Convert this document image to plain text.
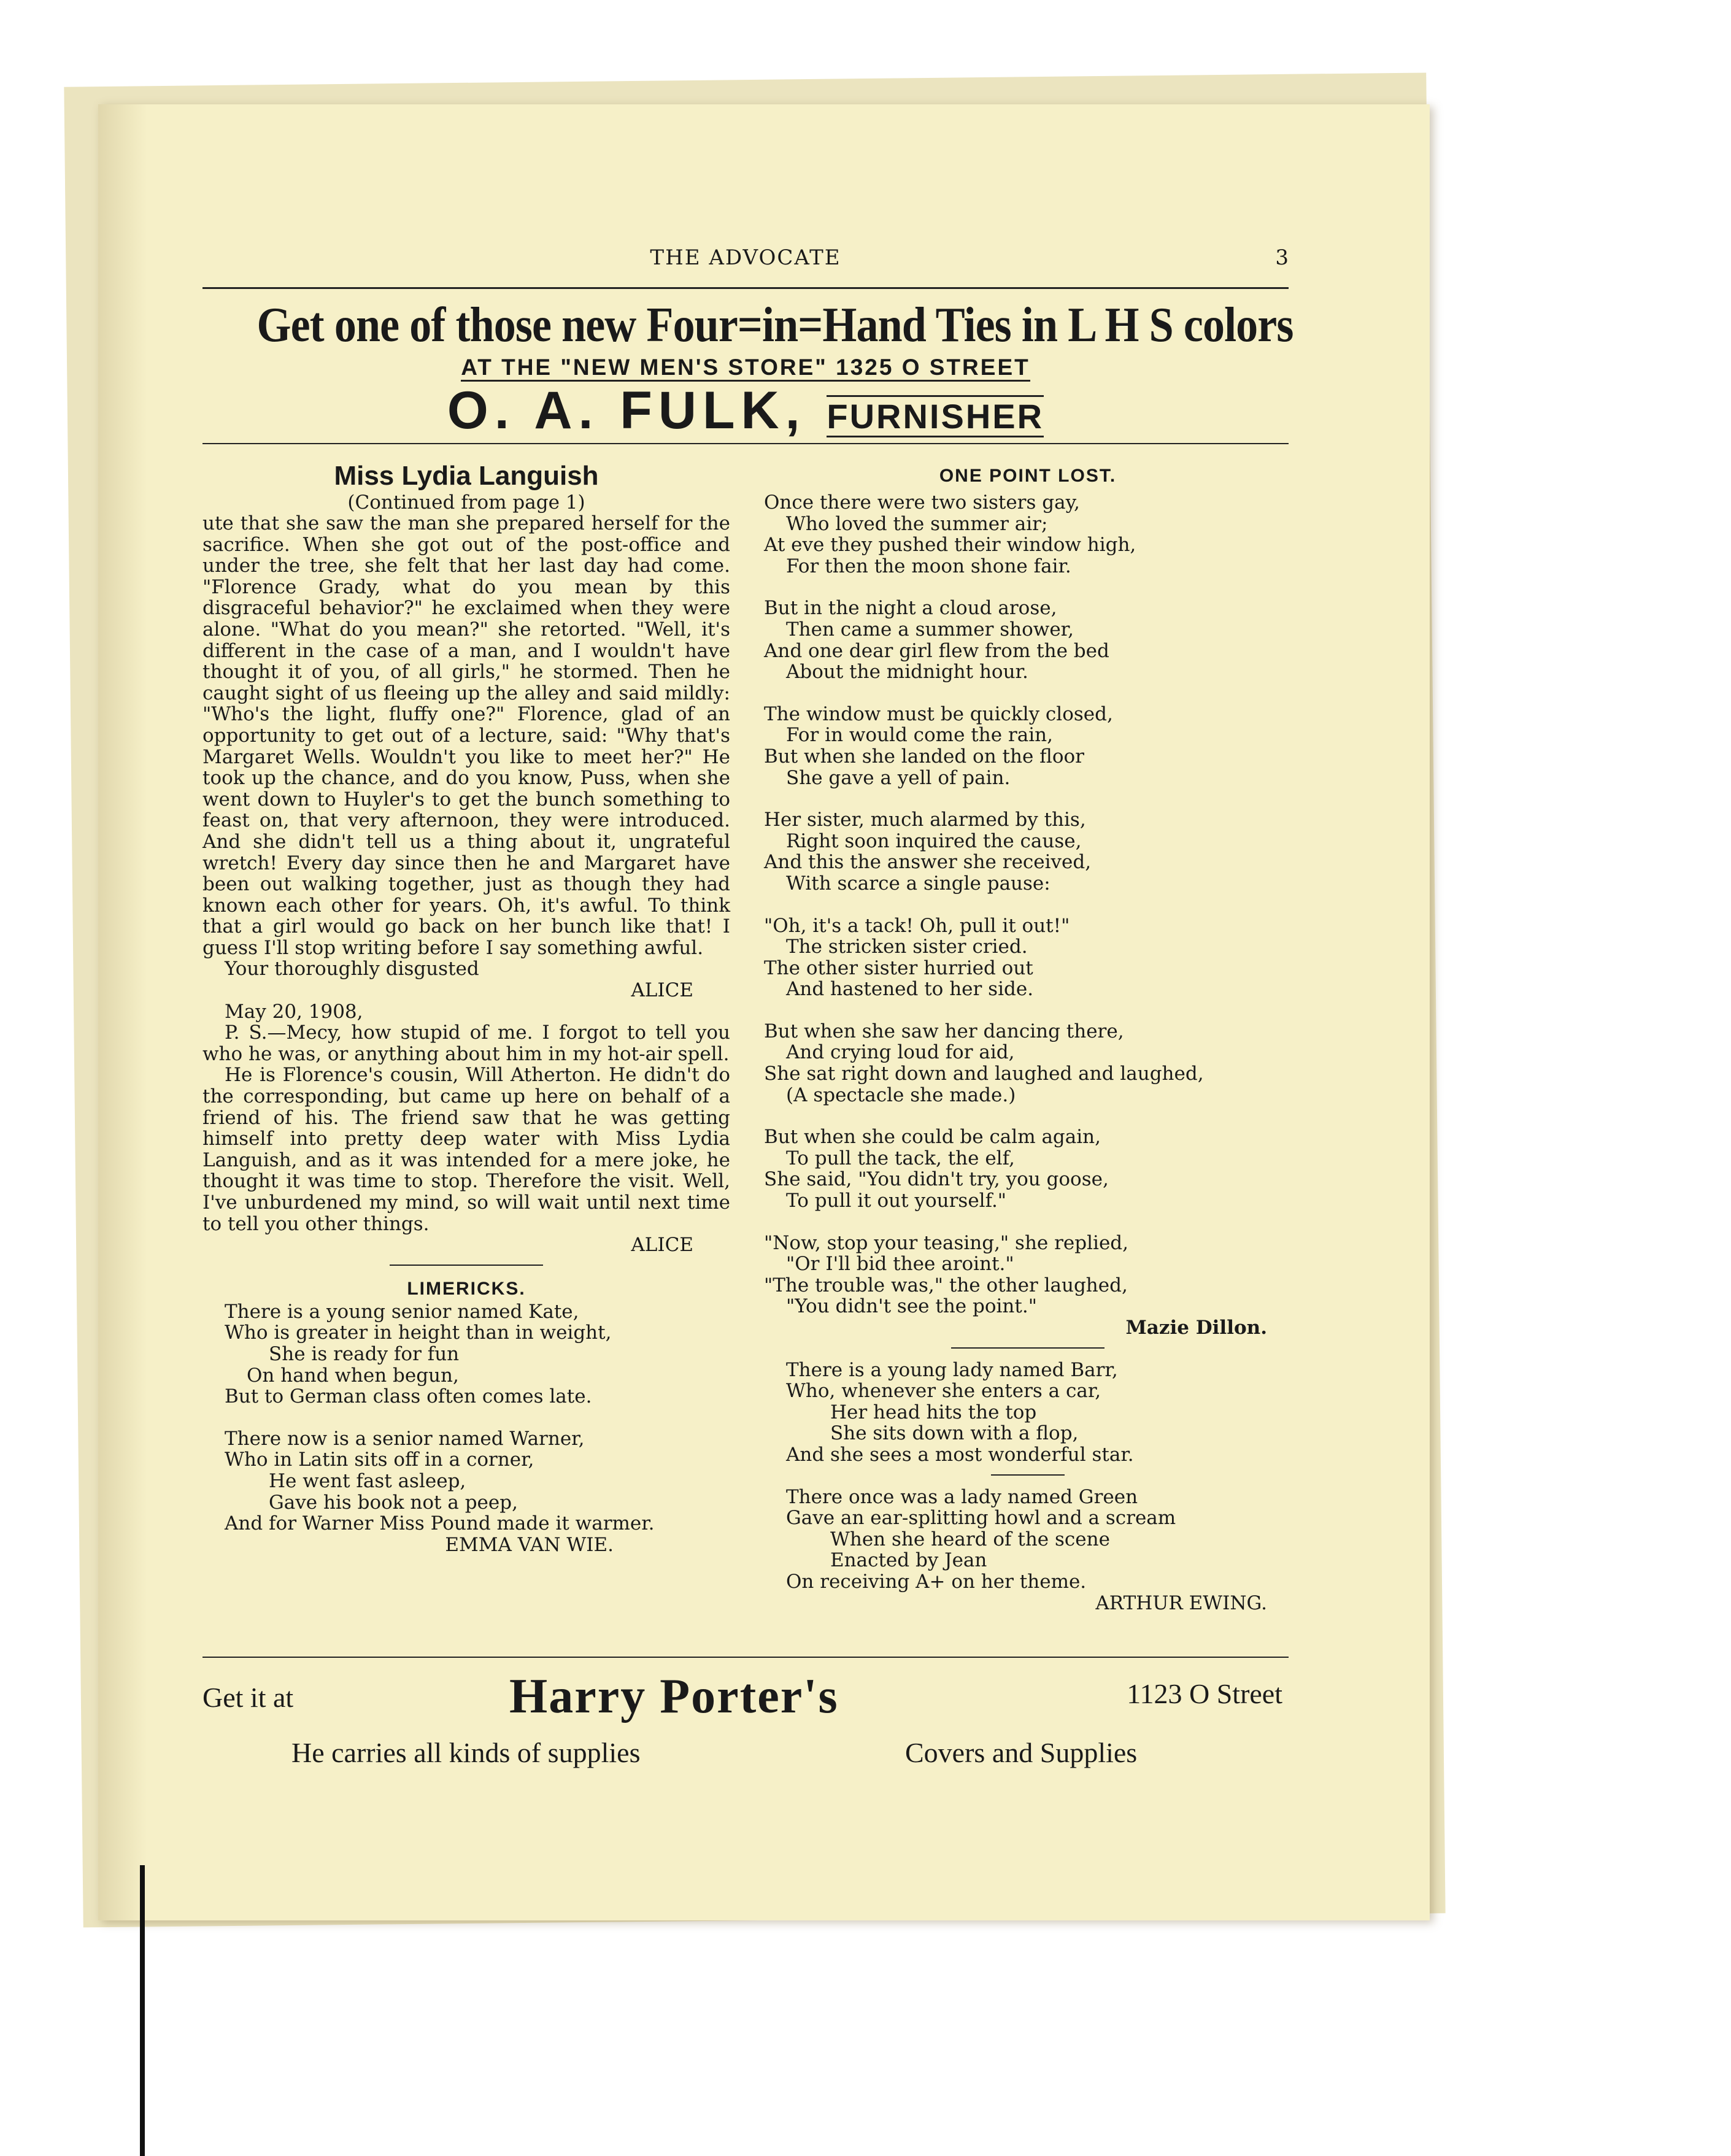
THE ADVOCATE	3
Get one of those new Four=in=Hand Ties in L H S colors
AT THE "NEW MEN'S STORE" 1325 O STREET
O. A. FULK, FURNISHER
Miss Lydia Languish
(Continued from page 1)

ute that she saw the man she prepared herself for the sacrifice. When she got out of the post-office and under the tree, she felt that her last day had come. "Florence Grady, what do you mean by this disgraceful behavior?" he exclaimed when they were alone. "What do you mean?" she retorted. "Well, it's different in the case of a man, and I wouldn't have thought it of you, of all girls," he stormed. Then he caught sight of us fleeing up the alley and said mildly: "Who's the light, fluffy one?" Florence, glad of an opportunity to get out of a lecture, said: "Why that's Margaret Wells. Wouldn't you like to meet her?" He took up the chance, and do you know, Puss, when she went down to Huyler's to get the bunch something to feast on, that very afternoon, they were introduced. And she didn't tell us a thing about it, ungrateful wretch! Every day since then he and Margaret have been out walking together, just as though they had known each other for years. Oh, it's awful. To think that a girl would go back on her bunch like that! I guess I'll stop writing before I say something awful.

Your thoroughly disgusted

ALICE

May 20, 1908,

P. S.—Mecy, how stupid of me. I forgot to tell you who he was, or anything about him in my hot-air spell.

He is Florence's cousin, Will Atherton. He didn't do the corresponding, but came up here on behalf of a friend of his. The friend saw that he was getting himself into pretty deep water with Miss Lydia Languish, and as it was intended for a mere joke, he thought it was time to stop. Therefore the visit. Well, I've unburdened my mind, so will wait until next time to tell you other things.

ALICE
LIMERICKS.
There is a young senior named Kate,
Who is greater in height than in weight,
She is ready for fun
On hand when begun,
But to German class often comes late.
There now is a senior named Warner,
Who in Latin sits off in a corner,
He went fast asleep,
Gave his book not a peep,
And for Warner Miss Pound made it warmer.
EMMA VAN WIE.
ONE POINT LOST.
Once there were two sisters gay,
Who loved the summer air;
At eve they pushed their window high,
For then the moon shone fair.
But in the night a cloud arose,
Then came a summer shower,
And one dear girl flew from the bed
About the midnight hour.
The window must be quickly closed,
For in would come the rain,
But when she landed on the floor
She gave a yell of pain.
Her sister, much alarmed by this,
Right soon inquired the cause,
And this the answer she received,
With scarce a single pause:
"Oh, it's a tack! Oh, pull it out!"
The stricken sister cried.
The other sister hurried out
And hastened to her side.
But when she saw her dancing there,
And crying loud for aid,
She sat right down and laughed and laughed,
(A spectacle she made.)
But when she could be calm again,
To pull the tack, the elf,
She said, "You didn't try, you goose,
To pull it out yourself."
"Now, stop your teasing," she replied,
"Or I'll bid thee aroint."
"The trouble was," the other laughed,
"You didn't see the point."
Mazie Dillon.
There is a young lady named Barr,
Who, whenever she enters a car,
Her head hits the top
She sits down with a flop,
And she sees a most wonderful star.
There once was a lady named Green
Gave an ear-splitting howl and a scream
When she heard of the scene
Enacted by Jean
On receiving A+ on her theme.
ARTHUR EWING.
Get it at	Harry Porter's	1123 O Street
He carries all kinds of supplies	Covers and Supplies
